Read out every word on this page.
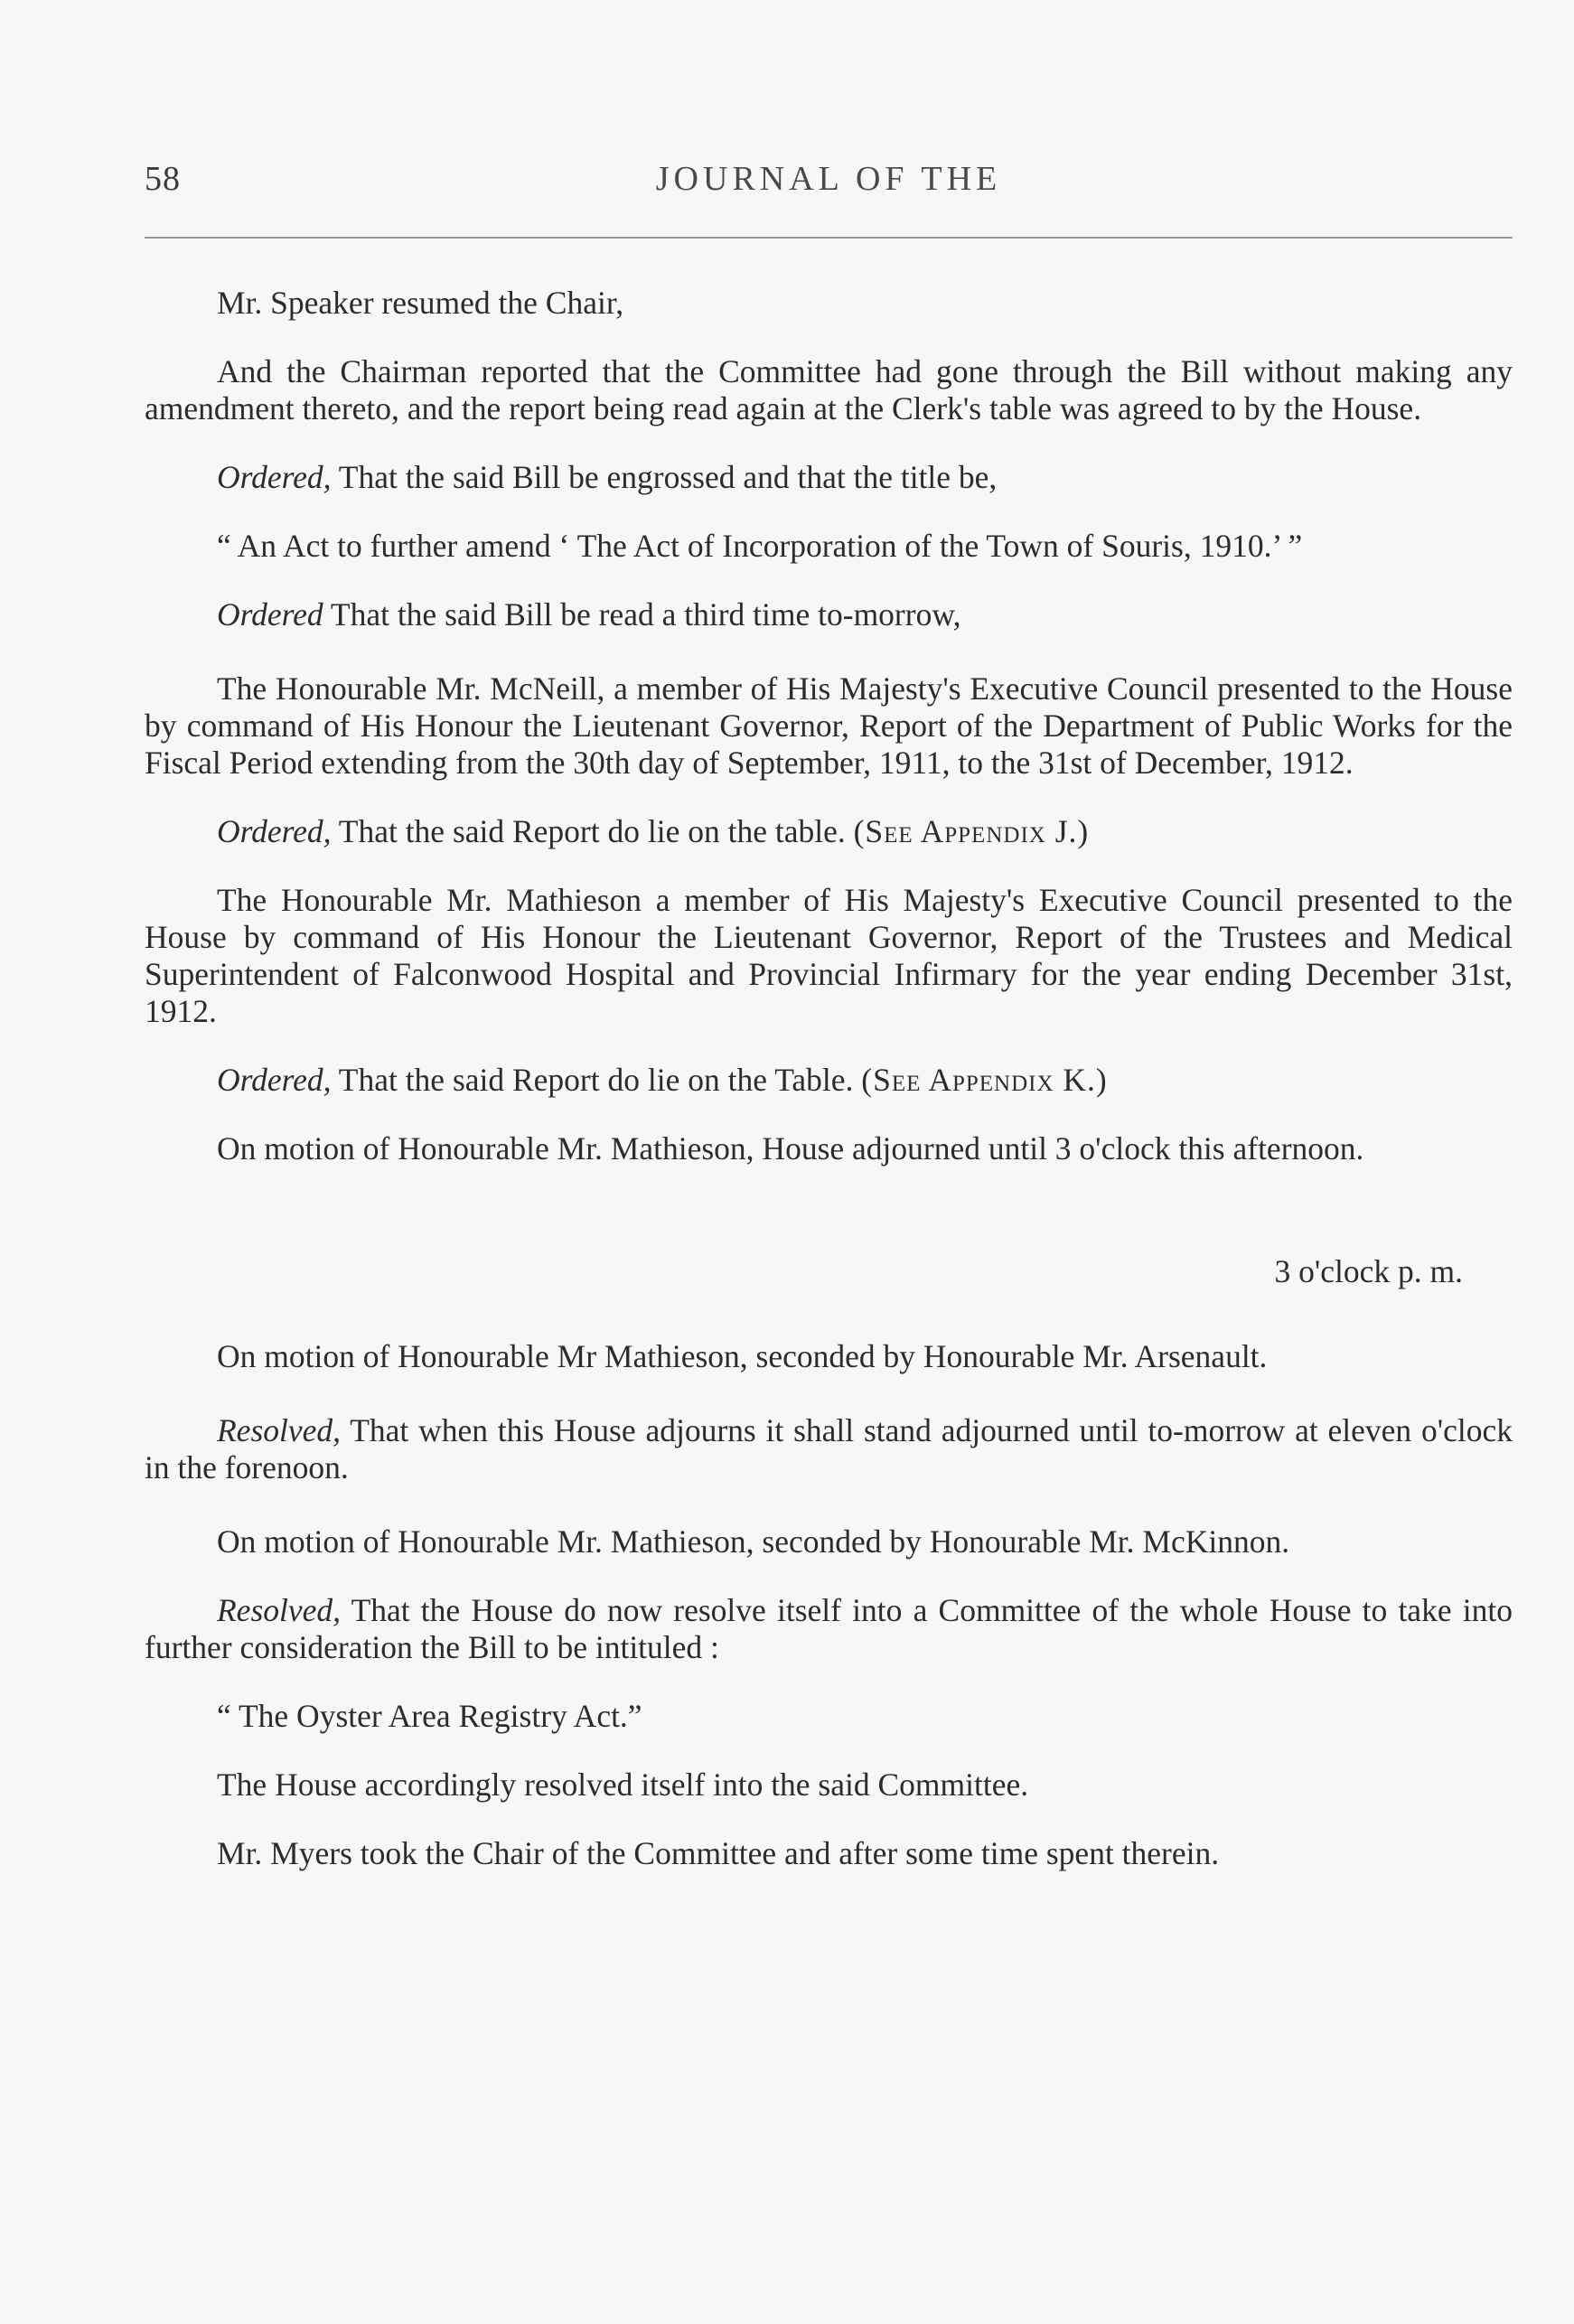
58	JOURNAL OF THE

Mr. Speaker resumed the Chair,

And the Chairman reported that the Committee had gone through the Bill without making any amendment thereto, and the report being read again at the Clerk's table was agreed to by the House.

Ordered, That the said Bill be engrossed and that the title be,

“ An Act to further amend ‘ The Act of Incorporation of the Town of Souris, 1910.’ ”

Ordered That the said Bill be read a third time to-morrow,

The Honourable Mr. McNeill, a member of His Majesty's Executive Council presented to the House by command of His Honour the Lieutenant Governor, Report of the Department of Public Works for the Fiscal Period extending from the 30th day of September, 1911, to the 31st of December, 1912.

Ordered, That the said Report do lie on the table. (See Appendix J.)

The Honourable Mr. Mathieson a member of His Majesty's Executive Council presented to the House by command of His Honour the Lieutenant Governor, Report of the Trustees and Medical Superintendent of Falconwood Hospital and Provincial Infirmary for the year ending December 31st, 1912.

Ordered, That the said Report do lie on the Table. (See Appendix K.)

On motion of Honourable Mr. Mathieson, House adjourned until 3 o'clock this afternoon.

3 o'clock p. m.

On motion of Honourable Mr Mathieson, seconded by Honourable Mr. Arsenault.

Resolved, That when this House adjourns it shall stand adjourned until to-morrow at eleven o'clock in the forenoon.

On motion of Honourable Mr. Mathieson, seconded by Honourable Mr. McKinnon.

Resolved, That the House do now resolve itself into a Committee of the whole House to take into further consideration the Bill to be intituled :

“ The Oyster Area Registry Act.”

The House accordingly resolved itself into the said Committee.

Mr. Myers took the Chair of the Committee and after some time spent therein.
